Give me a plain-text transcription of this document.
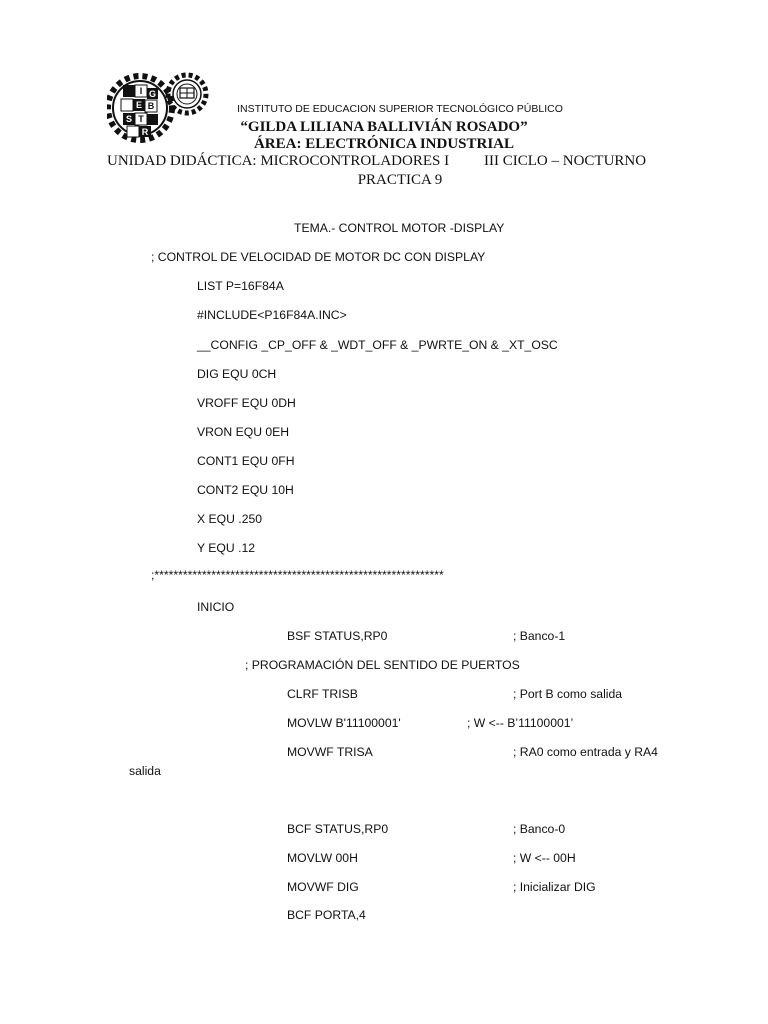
I G
E B
S T
R
INSTITUTO DE EDUCACION SUPERIOR TECNOLÓGICO PÚBLICO
“GILDA LILIANA BALLIVIÁN ROSADO”
ÁREA: ELECTRÓNICA INDUSTRIAL
UNIDAD DIDÁCTICA: MICROCONTROLADORES I III CICLO – NOCTURNO
PRACTICA 9
TEMA.- CONTROL MOTOR -DISPLAY
; CONTROL DE VELOCIDAD DE MOTOR DC CON DISPLAY
LIST P=16F84A
#INCLUDE<P16F84A.INC>
__CONFIG _CP_OFF & _WDT_OFF & _PWRTE_ON & _XT_OSC
DIG EQU 0CH
VROFF EQU 0DH
VRON EQU 0EH
CONT1 EQU 0FH
CONT2 EQU 10H
X EQU .250
Y EQU .12
;*************************************************************
INICIO
BSF STATUS,RP0	; Banco-1
; PROGRAMACIÓN DEL SENTIDO DE PUERTOS
CLRF TRISB	; Port B como salida
MOVLW B'11100001'	; W <-- B’11100001’
MOVWF TRISA	; RA0 como entrada y RA4
salida
BCF STATUS,RP0	; Banco-0
MOVLW 00H	; W <-- 00H
MOVWF DIG	; Inicializar DIG
BCF PORTA,4
